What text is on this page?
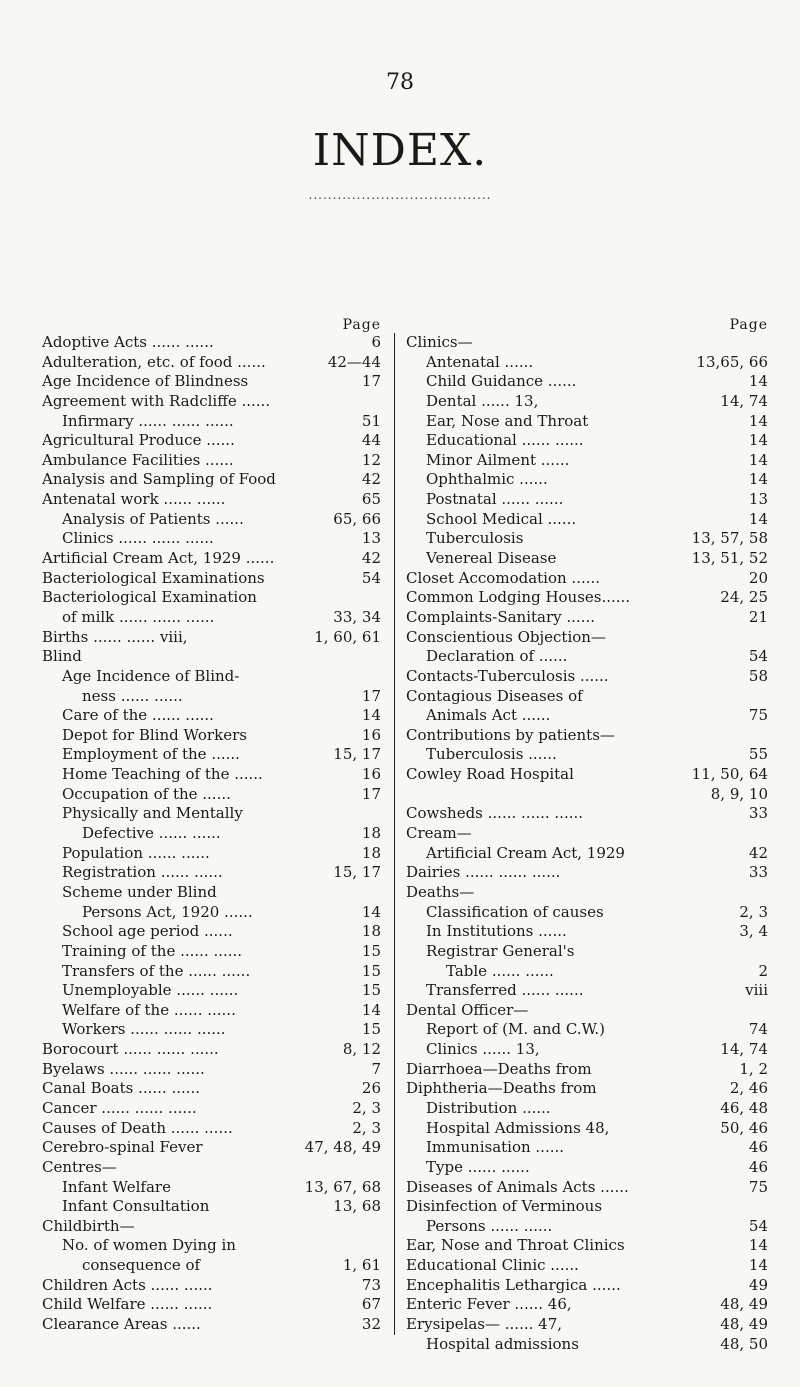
78
INDEX.
......................................
Page
Adoptive Acts ...... ......	6
Adulteration, etc. of food ......	42—44
Age Incidence of Blindness	17
Agreement with Radcliffe ......
Infirmary ...... ...... ......	51
Agricultural Produce ......	44
Ambulance Facilities ......	12
Analysis and Sampling of Food	42
Antenatal work ...... ......	65
Analysis of Patients ......	65, 66
Clinics ...... ...... ......	13
Artificial Cream Act, 1929 ......	42
Bacteriological Examinations	54
Bacteriological Examination
of milk ...... ...... ......	33, 34
Births ...... ...... viii,	1, 60, 61
Blind
Age Incidence of Blind-
ness ...... ......	17
Care of the ...... ......	14
Depot for Blind Workers	16
Employment of the ......	15, 17
Home Teaching of the ......	16
Occupation of the ......	17
Physically and Mentally
Defective ...... ......	18
Population ...... ......	18
Registration ...... ......	15, 17
Scheme under Blind
Persons Act, 1920 ......	14
School age period ......	18
Training of the ...... ......	15
Transfers of the ...... ......	15
Unemployable ...... ......	15
Welfare of the ...... ......	14
Workers ...... ...... ......	15
Borocourt ...... ...... ......	8, 12
Byelaws ...... ...... ......	7
Canal Boats ...... ......	26
Cancer ...... ...... ......	2, 3
Causes of Death ...... ......	2, 3
Cerebro-spinal Fever	47, 48, 49
Centres—
Infant Welfare	13, 67, 68
Infant Consultation	13, 68
Childbirth—
No. of women Dying in
consequence of	1, 61
Children Acts ...... ......	73
Child Welfare ...... ......	67
Clearance Areas ......	32
Page
Clinics—
Antenatal ......	13,65, 66
Child Guidance ......	14
Dental ...... 13,	14, 74
Ear, Nose and Throat	14
Educational ...... ......	14
Minor Ailment ......	14
Ophthalmic ......	14
Postnatal ...... ......	13
School Medical ......	14
Tuberculosis	13, 57, 58
Venereal Disease	13, 51, 52
Closet Accomodation ......	20
Common Lodging Houses......	24, 25
Complaints-Sanitary ......	21
Conscientious Objection—
Declaration of ......	54
Contacts-Tuberculosis ......	58
Contagious Diseases of
Animals Act ......	75
Contributions by patients—
Tuberculosis ......	55
Cowley Road Hospital	11, 50, 64
8, 9, 10
Cowsheds ...... ...... ......	33
Cream—
Artificial Cream Act, 1929	42
Dairies ...... ...... ......	33
Deaths—
Classification of causes	2, 3
In Institutions ......	3, 4
Registrar General's
Table ...... ......	2
Transferred ...... ......	viii
Dental Officer—
Report of (M. and C.W.)	74
Clinics ...... 13,	14, 74
Diarrhoea—Deaths from	1, 2
Diphtheria—Deaths from	2, 46
Distribution ......	46, 48
Hospital Admissions 48,	50, 46
Immunisation ......	46
Type ...... ......	46
Diseases of Animals Acts ......	75
Disinfection of Verminous
Persons ...... ......	54
Ear, Nose and Throat Clinics	14
Educational Clinic ......	14
Encephalitis Lethargica ......	49
Enteric Fever ...... 46,	48, 49
Erysipelas— ...... 47,	48, 49
Hospital admissions	48, 50
